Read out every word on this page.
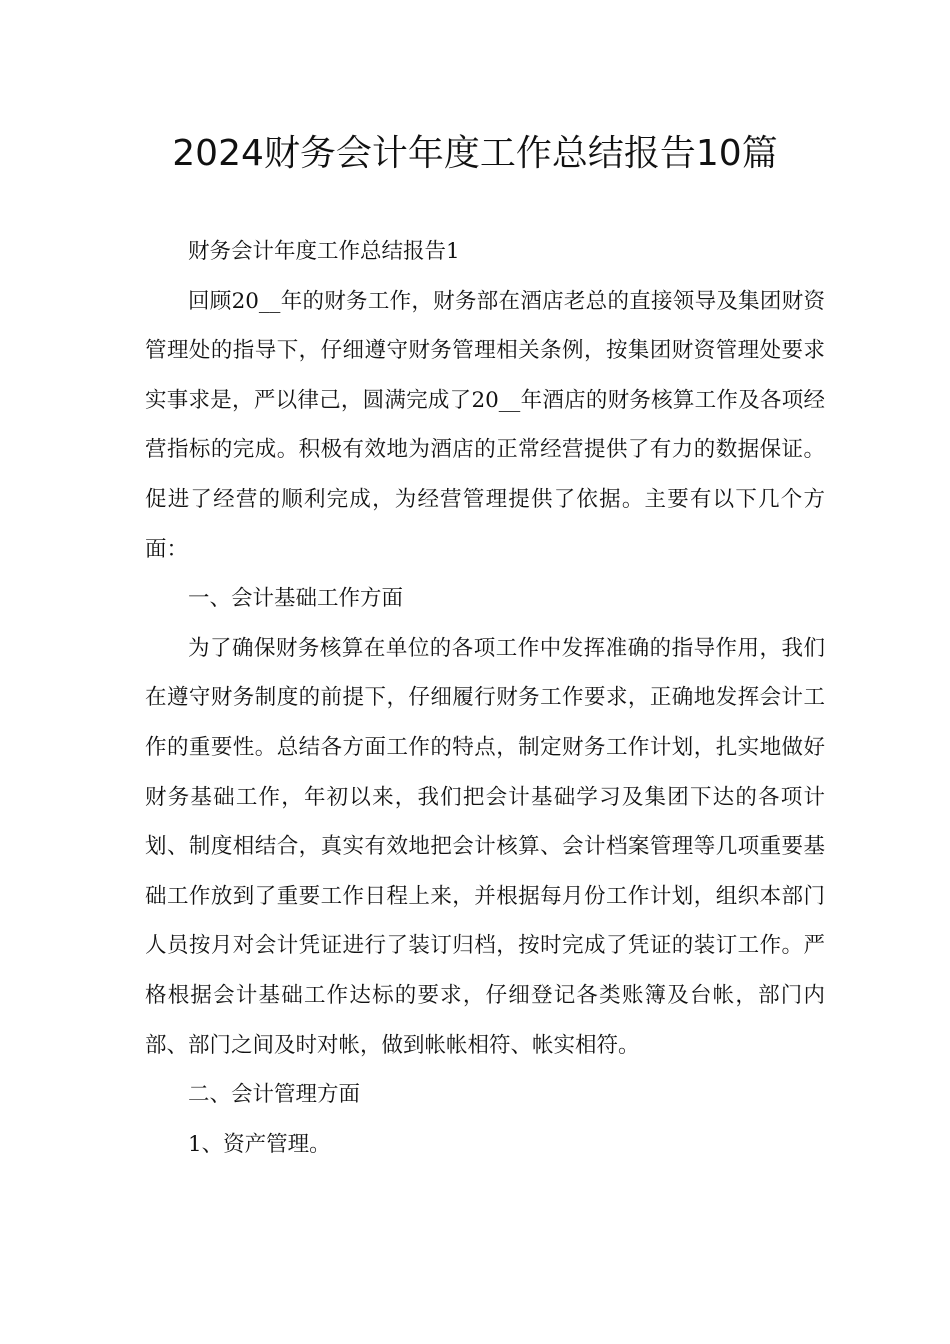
2024财务会计年度工作总结报告10篇

财务会计年度工作总结报告1

回顾20__年的财务工作，财务部在酒店老总的直接领导及集团财资管理处的指导下，仔细遵守财务管理相关条例，按集团财资管理处要求实事求是，严以律己，圆满完成了20__年酒店的财务核算工作及各项经营指标的完成。积极有效地为酒店的正常经营提供了有力的数据保证。促进了经营的顺利完成，为经营管理提供了依据。主要有以下几个方面：

一、会计基础工作方面

为了确保财务核算在单位的各项工作中发挥准确的指导作用，我们在遵守财务制度的前提下，仔细履行财务工作要求，正确地发挥会计工作的重要性。总结各方面工作的特点，制定财务工作计划，扎实地做好财务基础工作，年初以来，我们把会计基础学习及集团下达的各项计划、制度相结合，真实有效地把会计核算、会计档案管理等几项重要基础工作放到了重要工作日程上来，并根据每月份工作计划，组织本部门人员按月对会计凭证进行了装订归档，按时完成了凭证的装订工作。严格根据会计基础工作达标的要求，仔细登记各类账簿及台帐，部门内部、部门之间及时对帐，做到帐帐相符、帐实相符。

二、会计管理方面

1、资产管理。
